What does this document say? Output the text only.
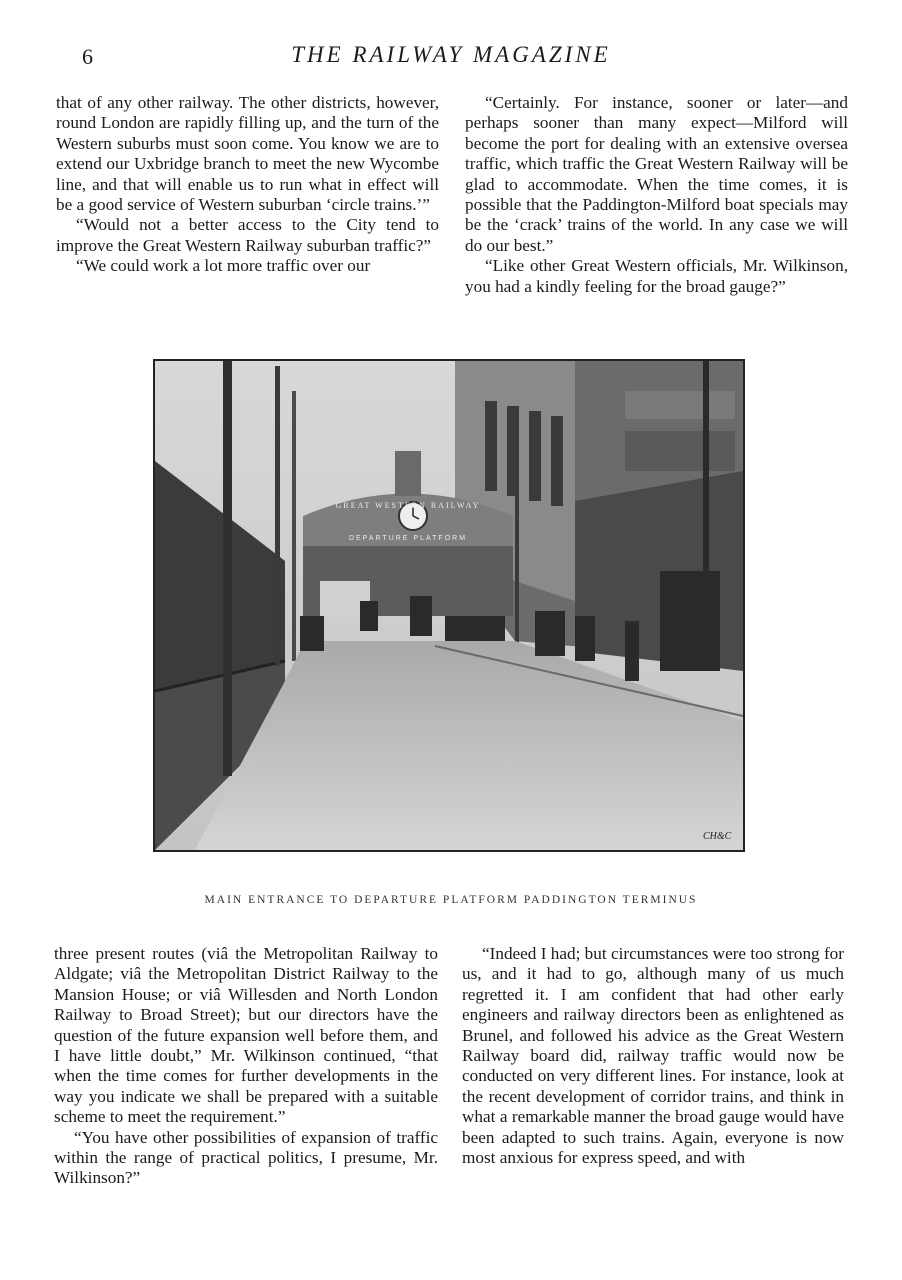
6	THE RAILWAY MAGAZINE

that of any other railway. The other districts, however, round London are rapidly filling up, and the turn of the Western suburbs must soon come. You know we are to extend our Uxbridge branch to meet the new Wycombe line, and that will enable us to run what in effect will be a good service of Western suburban ‘circle trains.’”

“Would not a better access to the City tend to improve the Great Western Railway suburban traffic?”

“We could work a lot more traffic over our

“Certainly. For instance, sooner or later—and perhaps sooner than many expect—Milford will become the port for dealing with an extensive oversea traffic, which traffic the Great Western Railway will be glad to accommodate. When the time comes, it is possible that the Paddington-Milford boat specials may be the ‘crack’ trains of the world. In any case we will do our best.”

“Like other Great Western officials, Mr. Wilkinson, you had a kindly feeling for the broad gauge?”

GREAT WESTERN RAILWAY
DEPARTURE PLATFORM
CH&C
MAIN ENTRANCE TO DEPARTURE PLATFORM PADDINGTON TERMINUS

three present routes (viâ the Metropolitan Railway to Aldgate; viâ the Metropolitan District Railway to the Mansion House; or viâ Willesden and North London Railway to Broad Street); but our directors have the question of the future expansion well before them, and I have little doubt,” Mr. Wilkinson continued, “that when the time comes for further developments in the way you indicate we shall be prepared with a suitable scheme to meet the requirement.”

“You have other possibilities of expansion of traffic within the range of practical politics, I presume, Mr. Wilkinson?”

“Indeed I had; but circumstances were too strong for us, and it had to go, although many of us much regretted it. I am confident that had other early engineers and railway directors been as enlightened as Brunel, and followed his advice as the Great Western Railway board did, railway traffic would now be conducted on very different lines. For instance, look at the recent development of corridor trains, and think in what a remarkable manner the broad gauge would have been adapted to such trains. Again, everyone is now most anxious for express speed, and with
